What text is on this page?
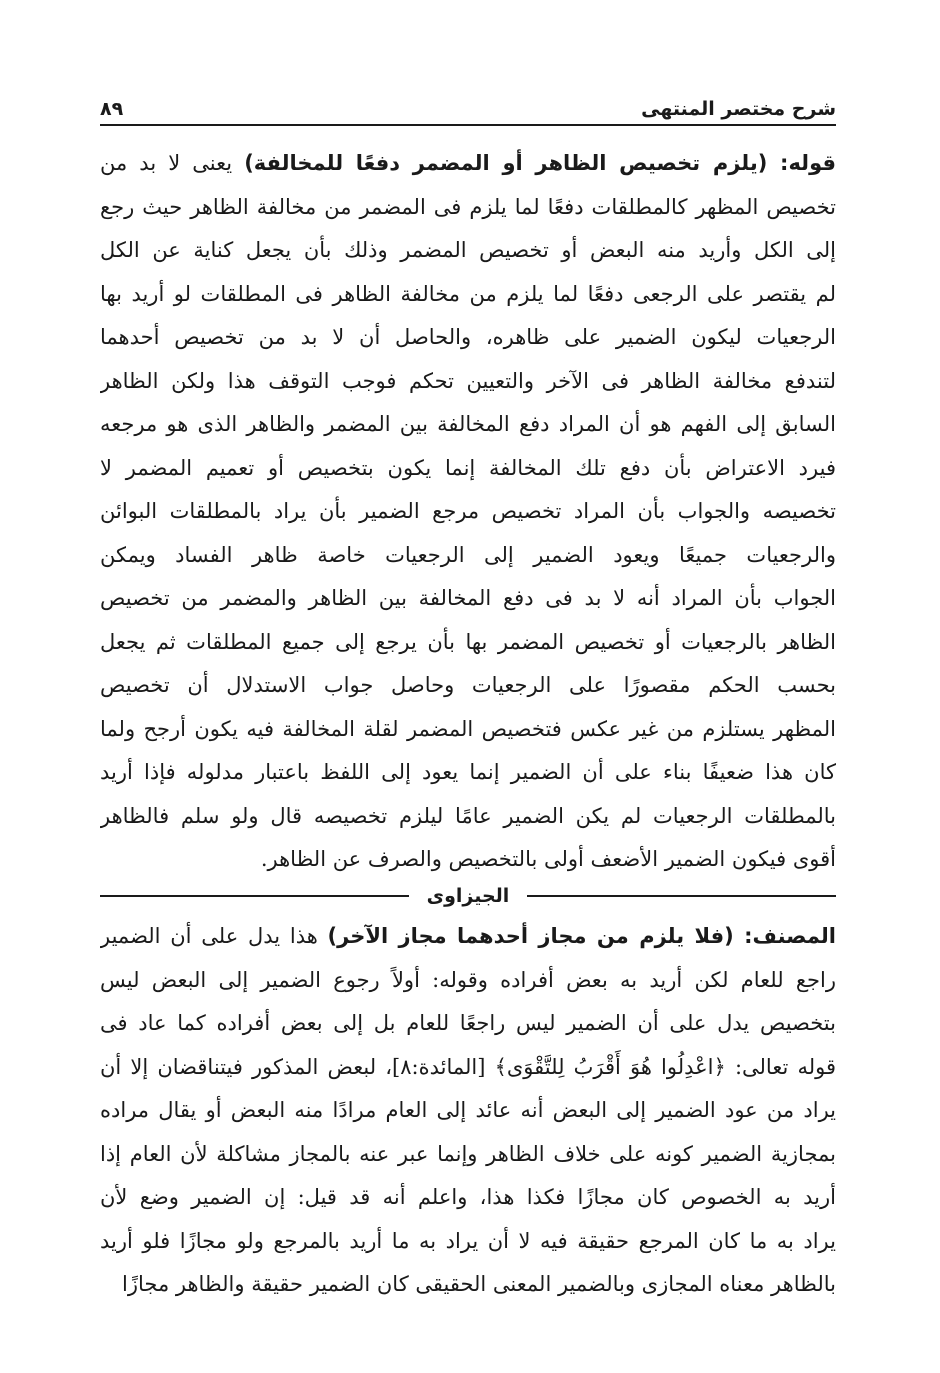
شرح مختصر المنتهى
٨٩
قوله: (يلزم تخصيص الظاهر أو المضمر دفعًا للمخالفة) يعنى لا بد من
تخصيص المظهر كالمطلقات دفعًا لما يلزم فى المضمر من مخالفة الظاهر حيث رجع
إلى الكل وأريد منه البعض أو تخصيص المضمر وذلك بأن يجعل كناية عن الكل
لم يقتصر على الرجعى دفعًا لما يلزم من مخالفة الظاهر فى المطلقات لو أريد بها
الرجعيات ليكون الضمير على ظاهره، والحاصل أن لا بد من تخصيص أحدهما
لتندفع مخالفة الظاهر فى الآخر والتعيين تحكم فوجب التوقف هذا ولكن الظاهر
السابق إلى الفهم هو أن المراد دفع المخالفة بين المضمر والظاهر الذى هو مرجعه
فيرد الاعتراض بأن دفع تلك المخالفة إنما يكون بتخصيص أو تعميم المضمر لا
تخصيصه والجواب بأن المراد تخصيص مرجع الضمير بأن يراد بالمطلقات البوائن
والرجعيات جميعًا ويعود الضمير إلى الرجعيات خاصة ظاهر الفساد ويمكن
الجواب بأن المراد أنه لا بد فى دفع المخالفة بين الظاهر والمضمر من تخصيص
الظاهر بالرجعيات أو تخصيص المضمر بها بأن يرجع إلى جميع المطلقات ثم يجعل
بحسب الحكم مقصورًا على الرجعيات وحاصل جواب الاستدلال أن تخصيص
المظهر يستلزم من غير عكس فتخصيص المضمر لقلة المخالفة فيه يكون أرجح ولما
كان هذا ضعيفًا بناء على أن الضمير إنما يعود إلى اللفظ باعتبار مدلوله فإذا أريد
بالمطلقات الرجعيات لم يكن الضمير عامًا ليلزم تخصيصه قال ولو سلم فالظاهر
أقوى فيكون الضمير الأضعف أولى بالتخصيص والصرف عن الظاهر.
الجيزاوى
المصنف: (فلا يلزم من مجاز أحدهما مجاز الآخر) هذا يدل على أن الضمير
راجع للعام لكن أريد به بعض أفراده وقوله: أولاً رجوع الضمير إلى البعض ليس
بتخصيص يدل على أن الضمير ليس راجعًا للعام بل إلى بعض أفراده كما عاد فى
قوله تعالى: ﴿اعْدِلُوا هُوَ أَقْرَبُ لِلتَّقْوَى﴾ [المائدة:٨]، لبعض المذكور فيتناقضان إلا أن
يراد من عود الضمير إلى البعض أنه عائد إلى العام مرادًا منه البعض أو يقال مراده
بمجازية الضمير كونه على خلاف الظاهر وإنما عبر عنه بالمجاز مشاكلة لأن العام إذا
أريد به الخصوص كان مجازًا فكذا هذا، واعلم أنه قد قيل: إن الضمير وضع لأن
يراد به ما كان المرجع حقيقة فيه لا أن يراد به ما أريد بالمرجع ولو مجازًا فلو أريد
بالظاهر معناه المجازى وبالضمير المعنى الحقيقى كان الضمير حقيقة والظاهر مجازًا
